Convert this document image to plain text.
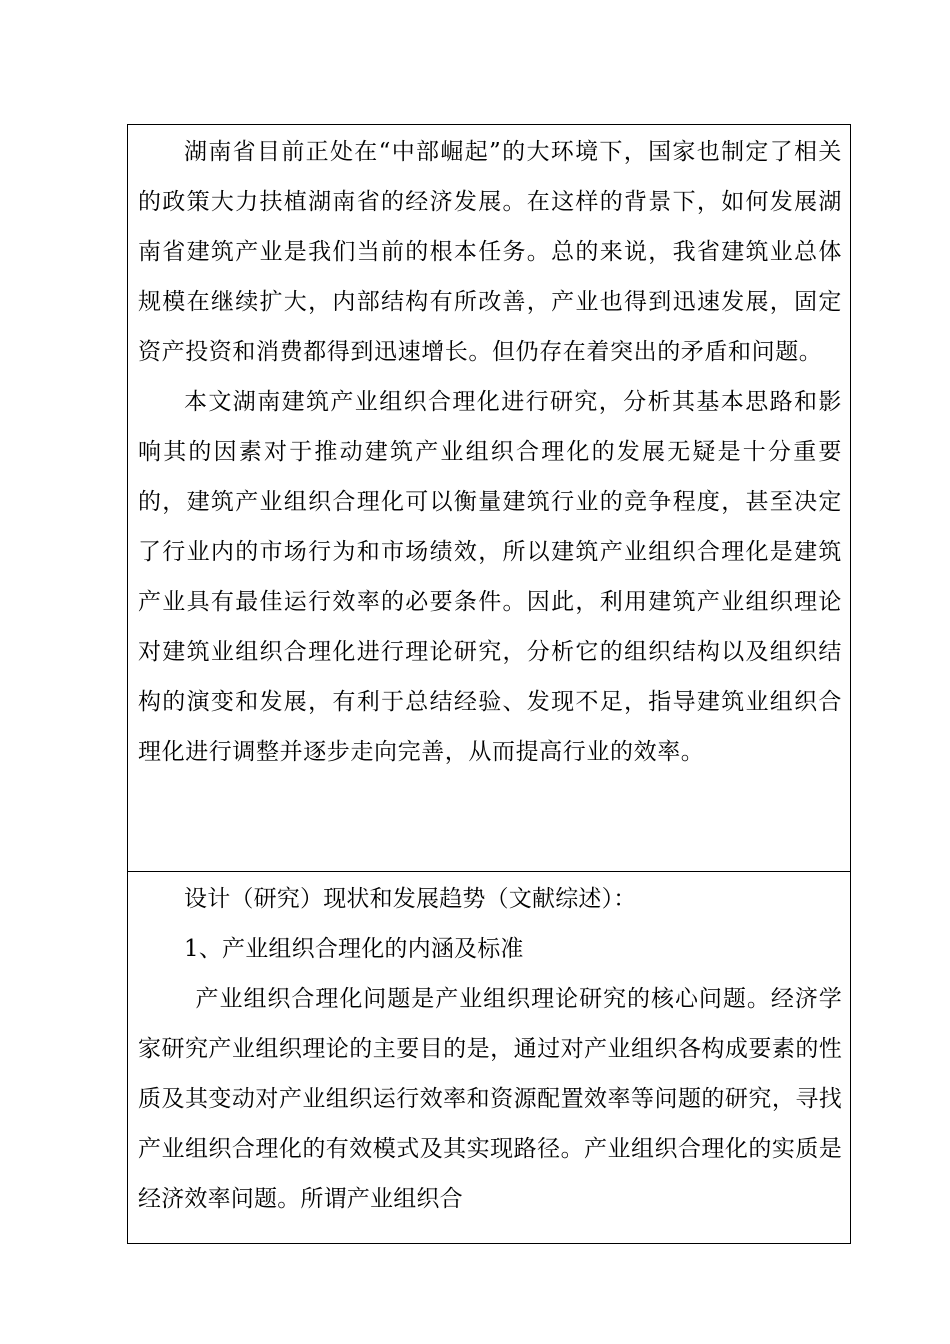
湖南省目前正处在“中部崛起”的大环境下，国家也制定了相关的政策大力扶植湖南省的经济发展。在这样的背景下，如何发展湖南省建筑产业是我们当前的根本任务。总的来说，我省建筑业总体规模在继续扩大，内部结构有所改善，产业也得到迅速发展，固定资产投资和消费都得到迅速增长。但仍存在着突出的矛盾和问题。

本文湖南建筑产业组织合理化进行研究，分析其基本思路和影响其的因素对于推动建筑产业组织合理化的发展无疑是十分重要的，建筑产业组织合理化可以衡量建筑行业的竞争程度，甚至决定了行业内的市场行为和市场绩效，所以建筑产业组织合理化是建筑产业具有最佳运行效率的必要条件。因此，利用建筑产业组织理论对建筑业组织合理化进行理论研究，分析它的组织结构以及组织结构的演变和发展，有利于总结经验、发现不足，指导建筑业组织合理化进行调整并逐步走向完善，从而提高行业的效率。

设计（研究）现状和发展趋势（文献综述）：

1、产业组织合理化的内涵及标准

产业组织合理化问题是产业组织理论研究的核心问题。经济学家研究产业组织理论的主要目的是，通过对产业组织各构成要素的性质及其变动对产业组织运行效率和资源配置效率等问题的研究，寻找产业组织合理化的有效模式及其实现路径。产业组织合理化的实质是经济效率问题。所谓产业组织合
